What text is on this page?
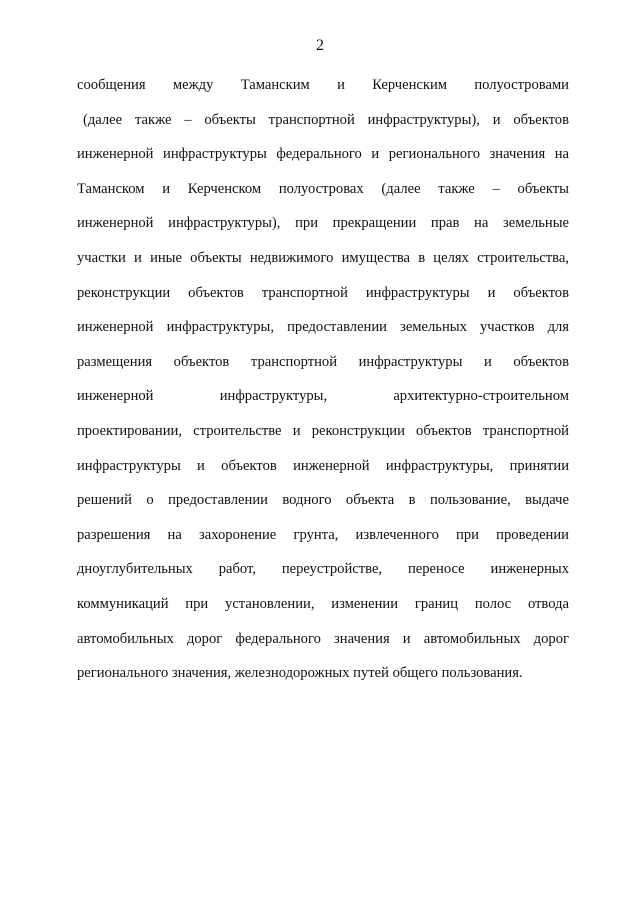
2
сообщения между Таманским и Керченским полуостровами
(далее также – объекты транспортной инфраструктуры), и объектов
инженерной инфраструктуры федерального и регионального значения на
Таманском и Керченском полуостровах (далее также – объекты
инженерной инфраструктуры), при прекращении прав на земельные
участки и иные объекты недвижимого имущества в целях строительства,
реконструкции объектов транспортной инфраструктуры и объектов
инженерной инфраструктуры, предоставлении земельных участков для
размещения объектов транспортной инфраструктуры и объектов
инженерной инфраструктуры, архитектурно-строительном
проектировании, строительстве и реконструкции объектов транспортной
инфраструктуры и объектов инженерной инфраструктуры, принятии
решений о предоставлении водного объекта в пользование, выдаче
разрешения на захоронение грунта, извлеченного при проведении
дноуглубительных работ, переустройстве, переносе инженерных
коммуникаций при установлении, изменении границ полос отвода
автомобильных дорог федерального значения и автомобильных дорог
регионального значения, железнодорожных путей общего пользования.
